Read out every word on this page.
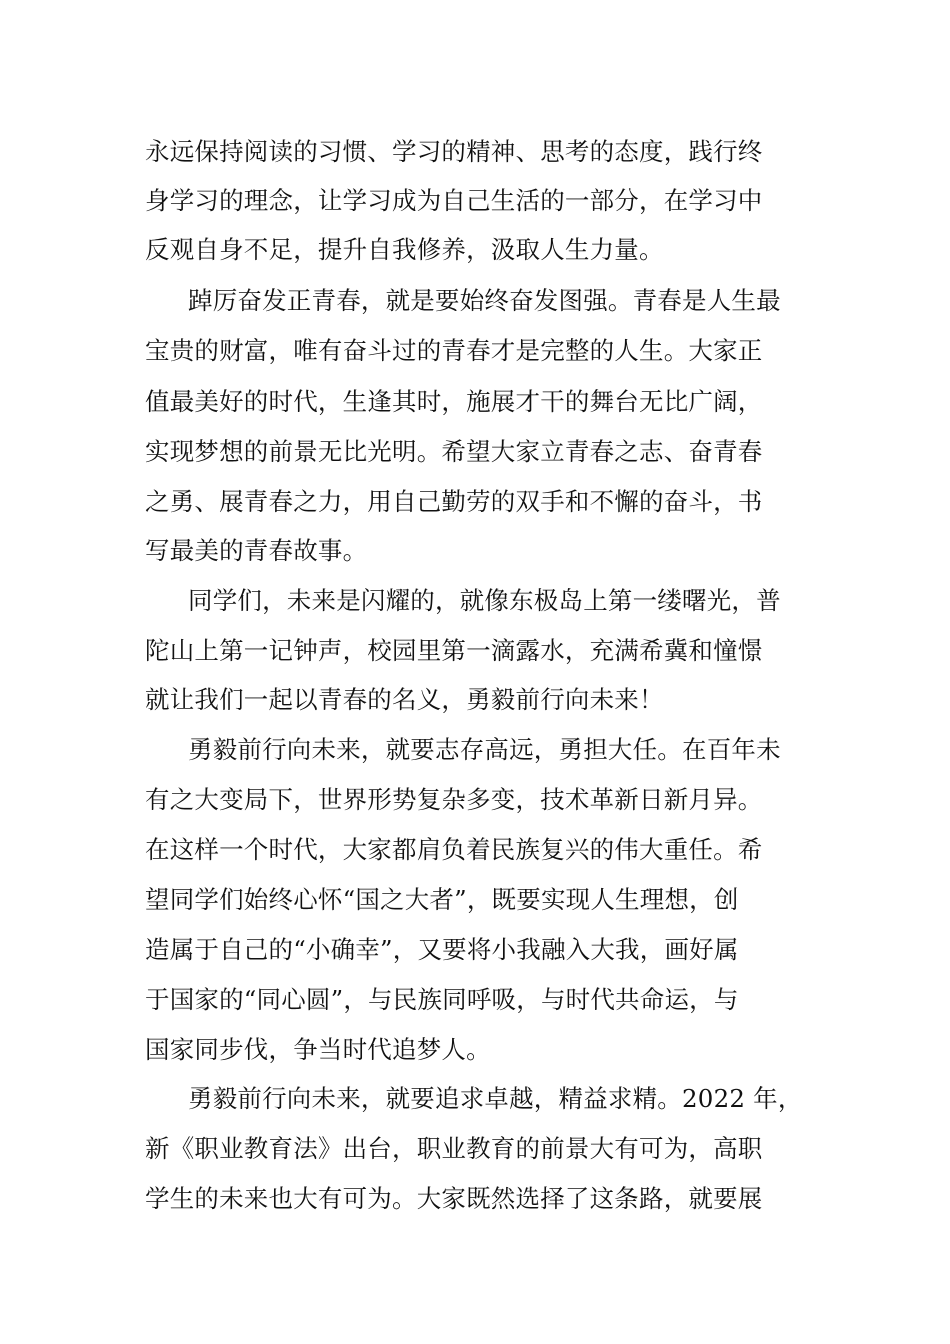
永远保持阅读的习惯、学习的精神、思考的态度，践行终
身学习的理念，让学习成为自己生活的一部分，在学习中
反观自身不足，提升自我修养，汲取人生力量。
踔厉奋发正青春，就是要始终奋发图强。青春是人生最
宝贵的财富，唯有奋斗过的青春才是完整的人生。大家正
值最美好的时代，生逢其时，施展才干的舞台无比广阔，
实现梦想的前景无比光明。希望大家立青春之志、奋青春
之勇、展青春之力，用自己勤劳的双手和不懈的奋斗，书
写最美的青春故事。
同学们，未来是闪耀的，就像东极岛上第一缕曙光，普
陀山上第一记钟声，校园里第一滴露水，充满希冀和憧憬
就让我们一起以青春的名义，勇毅前行向未来！
勇毅前行向未来，就要志存高远，勇担大任。在百年未
有之大变局下，世界形势复杂多变，技术革新日新月异。
在这样一个时代，大家都肩负着民族复兴的伟大重任。希
望同学们始终心怀“国之大者”，既要实现人生理想，创
造属于自己的“小确幸”，又要将小我融入大我，画好属
于国家的“同心圆”，与民族同呼吸，与时代共命运，与
国家同步伐，争当时代追梦人。
勇毅前行向未来，就要追求卓越，精益求精。2022 年，
新《职业教育法》出台，职业教育的前景大有可为，高职
学生的未来也大有可为。大家既然选择了这条路，就要展
